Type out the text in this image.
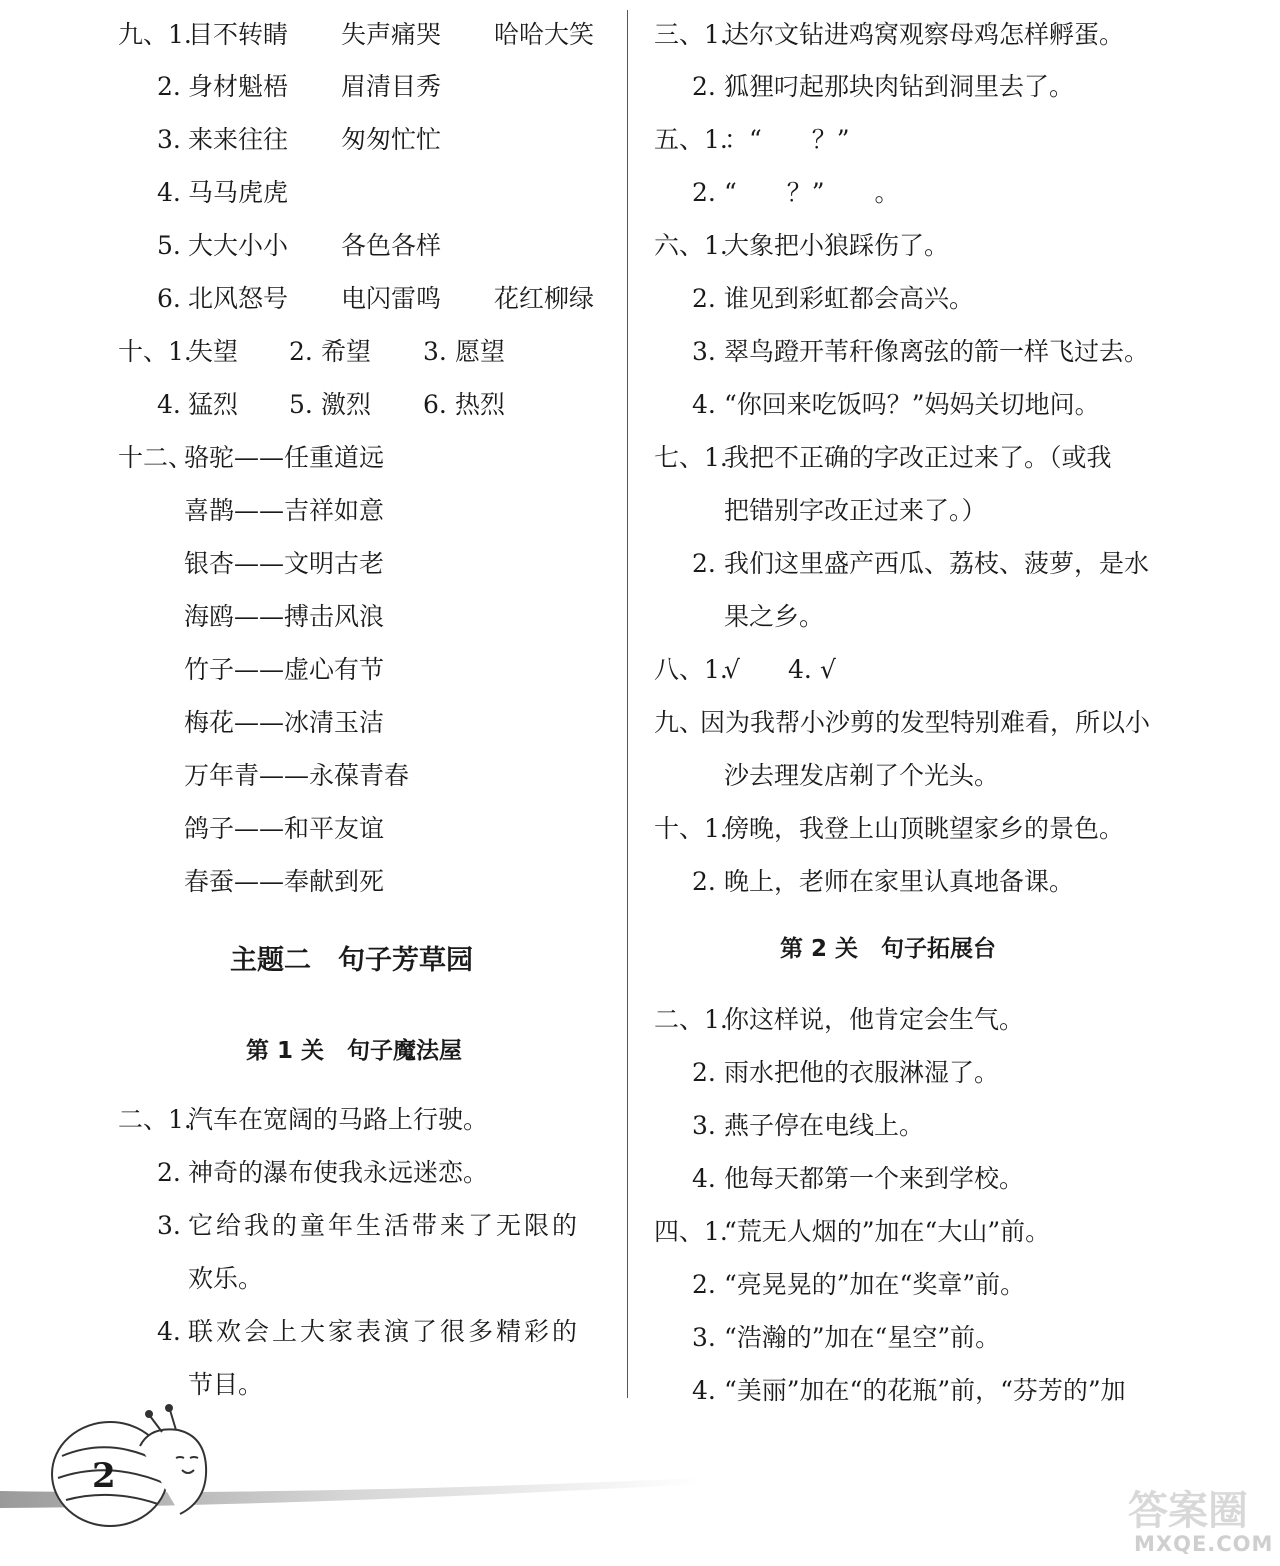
九、1.
目不转睛 失声痛哭 哈哈大笑
2. 身材魁梧 眉清目秀
3. 来来往往 匆匆忙忙
4. 马马虎虎
5. 大大小小 各色各样
6. 北风怒号 电闪雷鸣 花红柳绿
十、1.
失望 2. 希望 3. 愿望
4. 猛烈 5. 激烈 6. 热烈
十二、
骆驼——任重道远
喜鹊——吉祥如意
银杏——文明古老
海鸥——搏击风浪
竹子——虚心有节
梅花——冰清玉洁
万年青——永葆青春
鸽子——和平友谊
春蚕——奉献到死
主题二　句子芳草园
第 1 关　句子魔法屋
二、1.
汽车在宽阔的马路上行驶。
2. 神奇的瀑布使我永远迷恋。
3. 它给我的童年生活带来了无限的
欢乐。
4. 联欢会上大家表演了很多精彩的
节目。
三、1.
达尔文钻进鸡窝观察母鸡怎样孵蛋。
2. 狐狸叼起那块肉钻到洞里去了。
五、1.
：“　　？”
2. “　　？”　　。
六、1.
大象把小狼踩伤了。
2. 谁见到彩虹都会高兴。
3. 翠鸟蹬开苇秆像离弦的箭一样飞过去。
4. “你回来吃饭吗？”妈妈关切地问。
七、1.
我把不正确的字改正过来了。（或我
把错别字改正过来了。）
2. 我们这里盛产西瓜、荔枝、菠萝，是水
果之乡。
八、1.
√ 4. √
九、
因为我帮小沙剪的发型特别难看，所以小
沙去理发店剃了个光头。
十、1.
傍晚，我登上山顶眺望家乡的景色。
2. 晚上，老师在家里认真地备课。
第 2 关　句子拓展台
二、1.
你这样说，他肯定会生气。
2. 雨水把他的衣服淋湿了。
3. 燕子停在电线上。
4. 他每天都第一个来到学校。
四、1.
“荒无人烟的”加在“大山”前。
2. “亮晃晃的”加在“奖章”前。
3. “浩瀚的”加在“星空”前。
4. “美丽”加在“的花瓶”前，“芬芳的”加
2
答案圈
MXQE.COM
